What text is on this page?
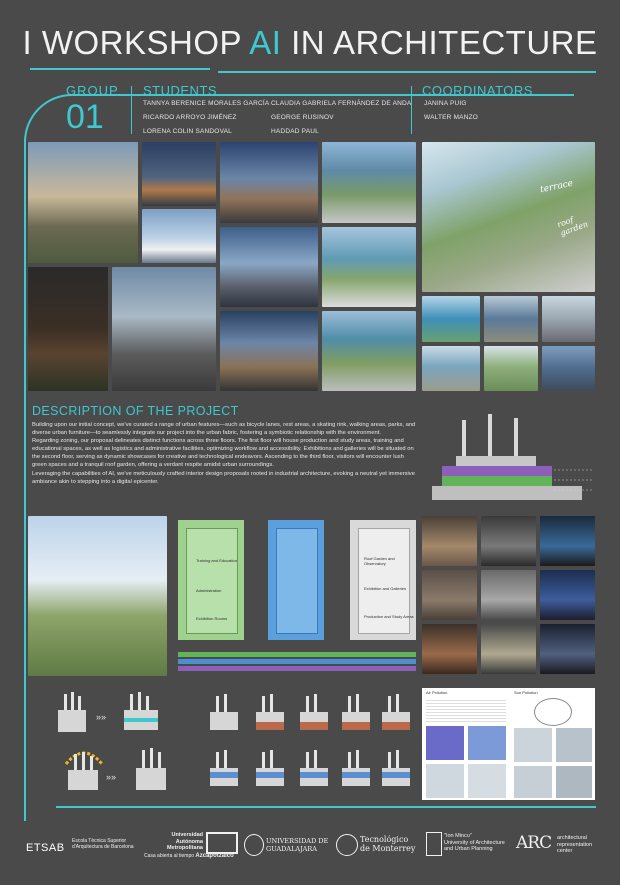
I WORKSHOP AI IN ARCHITECTURE
GROUP
01
STUDENTS
TANNYA BERENICE MORALES GARCÍA
RICARDO ARROYO JIMÉNEZ
LORENA COLIN SANDOVAL
CLAUDIA GABRIELA FERNÁNDEZ DE ANDA
GEORGE RUSINOV
HADDAD PAUL
COORDINATORS
JANINA PUIG
WALTER MANZO
terrace
roof garden
DESCRIPTION OF THE PROJECT

Building upon our initial concept, we've curated a range of urban features—such as bicycle lanes, rest areas, a skating rink, walking areas, parks, and diverse urban furniture—to seamlessly integrate our project into the urban fabric, fostering a symbiotic relationship with the environment.

Regarding zoning, our proposal delineates distinct functions across three floors. The first floor will house production and study areas, training and educational spaces, as well as logistics and administrative facilities, optimizing workflow and accessibility. Exhibitions and galleries will be situated on the second floor, serving as dynamic showcases for creative and technological endeavors. Ascending to the third floor, visitors will encounter lush green spaces and a tranquil roof garden, offering a verdant respite amidst urban surroundings.

Leveraging the capabilities of AI, we've meticulously crafted interior design proposals rooted in industrial architecture, evoking a neutral yet immersive ambiance akin to stepping into a digital epicenter.

Training and Education
Administration
Exhibition Rooms
Roof Garden and Observatory
Exhibition and Galleries
Production and Study Areas
»»
»»
Air Pollution	Sun Pollution
ETSAB
Escola Tècnica Superior
d'Arquitectura de Barcelona
Universidad
Autónoma
Metropolitana
Casa abierta al tiempo Azcapotzalco
UNIVERSIDAD DE
GUADALAJARA
Tecnológico
de Monterrey
"Ion Mincu"
University of Architecture
and Urban Planning	ARC architectural
representation
center
